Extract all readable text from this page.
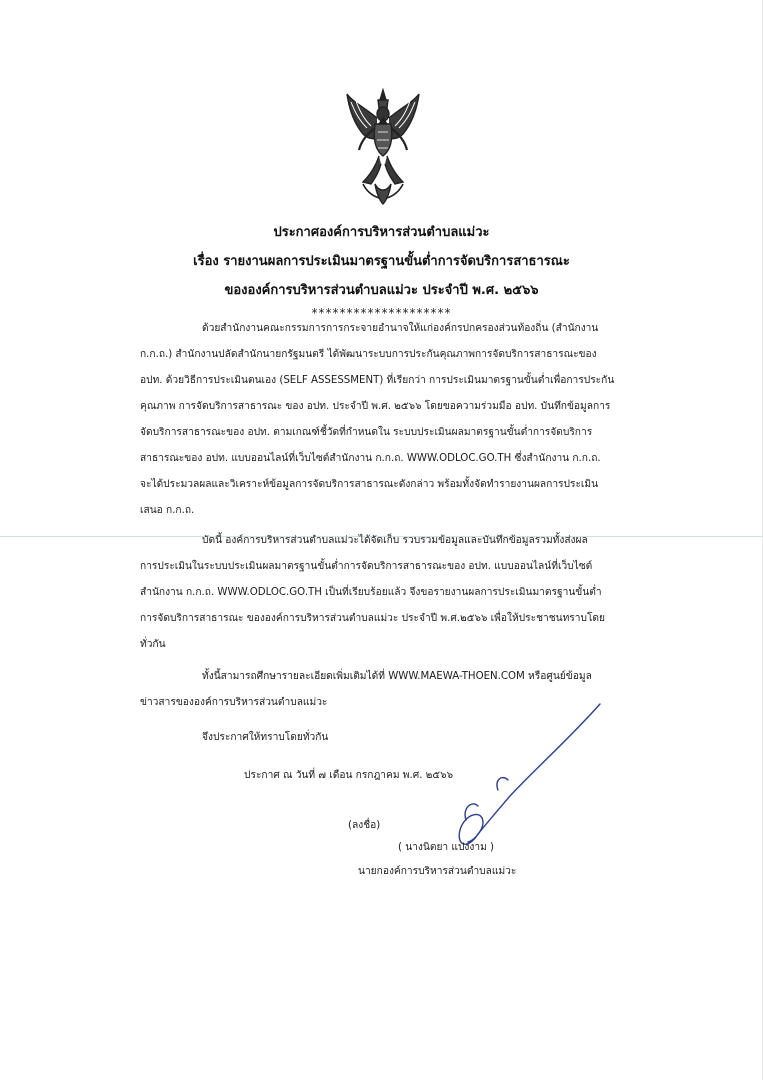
ประกาศองค์การบริหารส่วนตำบลแม่วะ
เรื่อง รายงานผลการประเมินมาตรฐานขั้นต่ำการจัดบริการสาธารณะ
ขององค์การบริหารส่วนตำบลแม่วะ ประจำปี พ.ศ. ๒๕๖๖
********************
ด้วยสำนักงานคณะกรรมการการกระจายอำนาจให้แก่องค์กรปกครองส่วนท้องถิ่น (สำนักงาน
ก.ก.ถ.) สำนักงานปลัดสำนักนายกรัฐมนตรี ได้พัฒนาระบบการประกันคุณภาพการจัดบริการสาธารณะของ
อปท. ด้วยวิธีการประเมินตนเอง (SELF ASSESSMENT) ที่เรียกว่า การประเมินมาตรฐานขั้นต่ำเพื่อการประกัน
คุณภาพ การจัดบริการสาธารณะ ของ อปท. ประจำปี พ.ศ. ๒๕๖๖ โดยขอความร่วมมือ อปท. บันทึกข้อมูลการ
จัดบริการสาธารณะของ อปท. ตามเกณฑ์ชี้วัดที่กำหนดใน ระบบประเมินผลมาตรฐานขั้นต่ำการจัดบริการ
สาธารณะของ อปท. แบบออนไลน์ที่เว็บไซต์สำนักงาน ก.ก.ถ. WWW.ODLOC.GO.TH ซึ่งสำนักงาน ก.ก.ถ.
จะได้ประมวลผลและวิเคราะห์ข้อมูลการจัดบริการสาธารณะดังกล่าว พร้อมทั้งจัดทำรายงานผลการประเมิน
เสนอ ก.ก.ถ.
บัดนี้ องค์การบริหารส่วนตำบลแม่วะได้จัดเก็บ รวบรวมข้อมูลและบันทึกข้อมูลรวมทั้งส่งผล
การประเมินในระบบประเมินผลมาตรฐานขั้นต่ำการจัดบริการสาธารณะของ อปท. แบบออนไลน์ที่เว็บไซต์
สำนักงาน ก.ก.ถ. WWW.ODLOC.GO.TH เป็นที่เรียบร้อยแล้ว จึงขอรายงานผลการประเมินมาตรฐานขั้นต่ำ
การจัดบริการสาธารณะ ขององค์การบริหารส่วนตำบลแม่วะ ประจำปี พ.ศ.๒๕๖๖ เพื่อให้ประชาชนทราบโดย
ทั่วกัน
ทั้งนี้สามารถศึกษารายละเอียดเพิ่มเติมได้ที่ WWW.MAEWA-THOEN.COM หรือศูนย์ข้อมูล
ข่าวสารขององค์การบริหารส่วนตำบลแม่วะ
จึงประกาศให้ทราบโดยทั่วกัน
ประกาศ ณ วันที่ ๗ เดือน กรกฎาคม พ.ศ. ๒๕๖๖
(ลงชื่อ)
( นางนิตยา แปงงาม )
นายกองค์การบริหารส่วนตำบลแม่วะ
